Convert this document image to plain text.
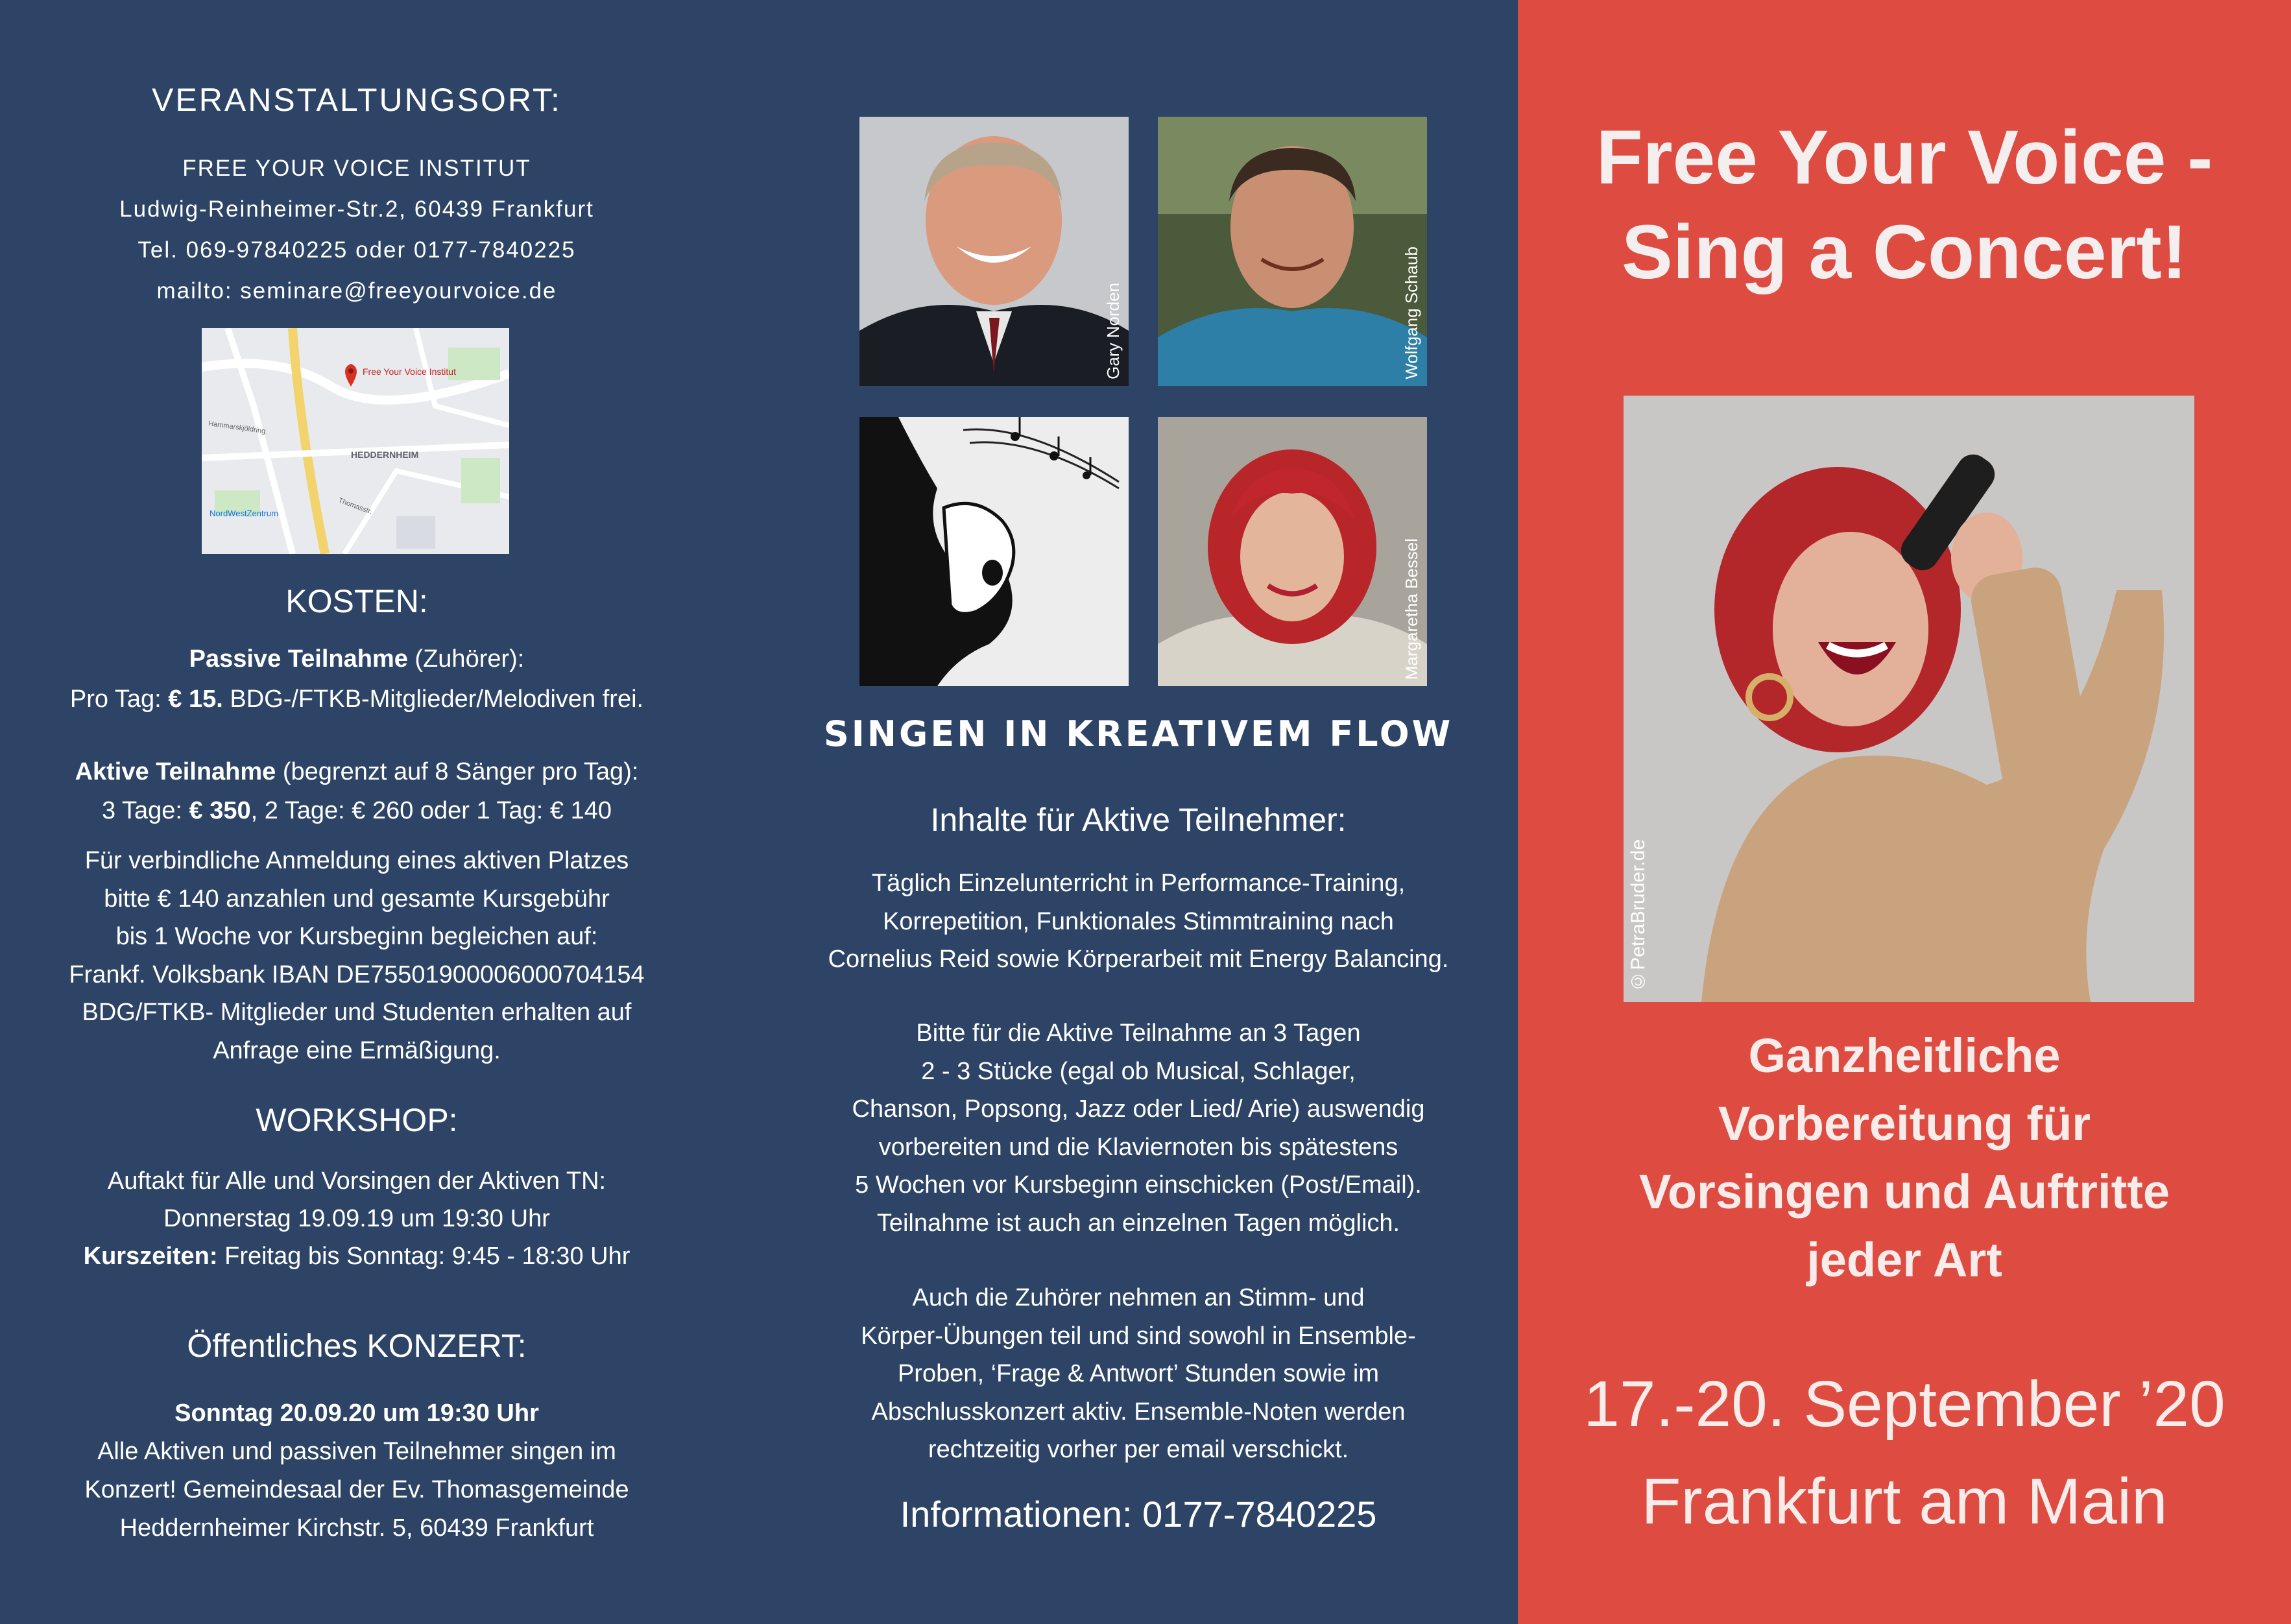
VERANSTALTUNGSORT:
FREE YOUR VOICE INSTITUT
Ludwig-Reinheimer-Str.2, 60439 Frankfurt
Tel. 069-97840225 oder 0177-7840225
mailto: seminare@freeyourvoice.de
Free Your Voice Institut
HEDDERNHEIM
NordWestZentrum
Hammarskjöldring
Thomasstr.
KOSTEN:
Passive Teilnahme (Zuhörer):
Pro Tag: € 15. BDG-/FTKB-Mitglieder/Melodiven frei.
Aktive Teilnahme (begrenzt auf 8 Sänger pro Tag):
3 Tage: € 350, 2 Tage: € 260 oder 1 Tag: € 140
Für verbindliche Anmeldung eines aktiven Platzes
bitte € 140 anzahlen und gesamte Kursgebühr
bis 1 Woche vor Kursbeginn begleichen auf:
Frankf. Volksbank IBAN DE75501900006000704154
BDG/FTKB- Mitglieder und Studenten erhalten auf
Anfrage eine Ermäßigung.
WORKSHOP:
Auftakt für Alle und Vorsingen der Aktiven TN:
Donnerstag 19.09.19 um 19:30 Uhr
Kurszeiten: Freitag bis Sonntag: 9:45 - 18:30 Uhr
Öffentliches KONZERT:
Sonntag 20.09.20 um 19:30 Uhr
Alle Aktiven und passiven Teilnehmer singen im
Konzert! Gemeindesaal der Ev. Thomasgemeinde
Heddernheimer Kirchstr. 5, 60439 Frankfurt
Gary Norden	Wolfgang Schaub
Margaretha Bessel
SINGEN IN KREATIVEM FLOW
Inhalte für Aktive Teilnehmer:
Täglich Einzelunterricht in Performance-Training,
Korrepetition, Funktionales Stimmtraining nach
Cornelius Reid sowie Körperarbeit mit Energy Balancing.
Bitte für die Aktive Teilnahme an 3 Tagen
2 - 3 Stücke (egal ob Musical, Schlager,
Chanson, Popsong, Jazz oder Lied/ Arie) auswendig
vorbereiten und die Klaviernoten bis spätestens
5 Wochen vor Kursbeginn einschicken (Post/Email).
Teilnahme ist auch an einzelnen Tagen möglich.
Auch die Zuhörer nehmen an Stimm- und
Körper-Übungen teil und sind sowohl in Ensemble-
Proben, ‘Frage & Antwort’ Stunden sowie im
Abschlusskonzert aktiv. Ensemble-Noten werden
rechtzeitig vorher per email verschickt.
Informationen: 0177-7840225
Free Your Voice -
Sing a Concert!
©PetraBruder.de
Ganzheitliche
Vorbereitung für
Vorsingen und Auftritte
jeder Art
17.-20. September ’20
Frankfurt am Main
